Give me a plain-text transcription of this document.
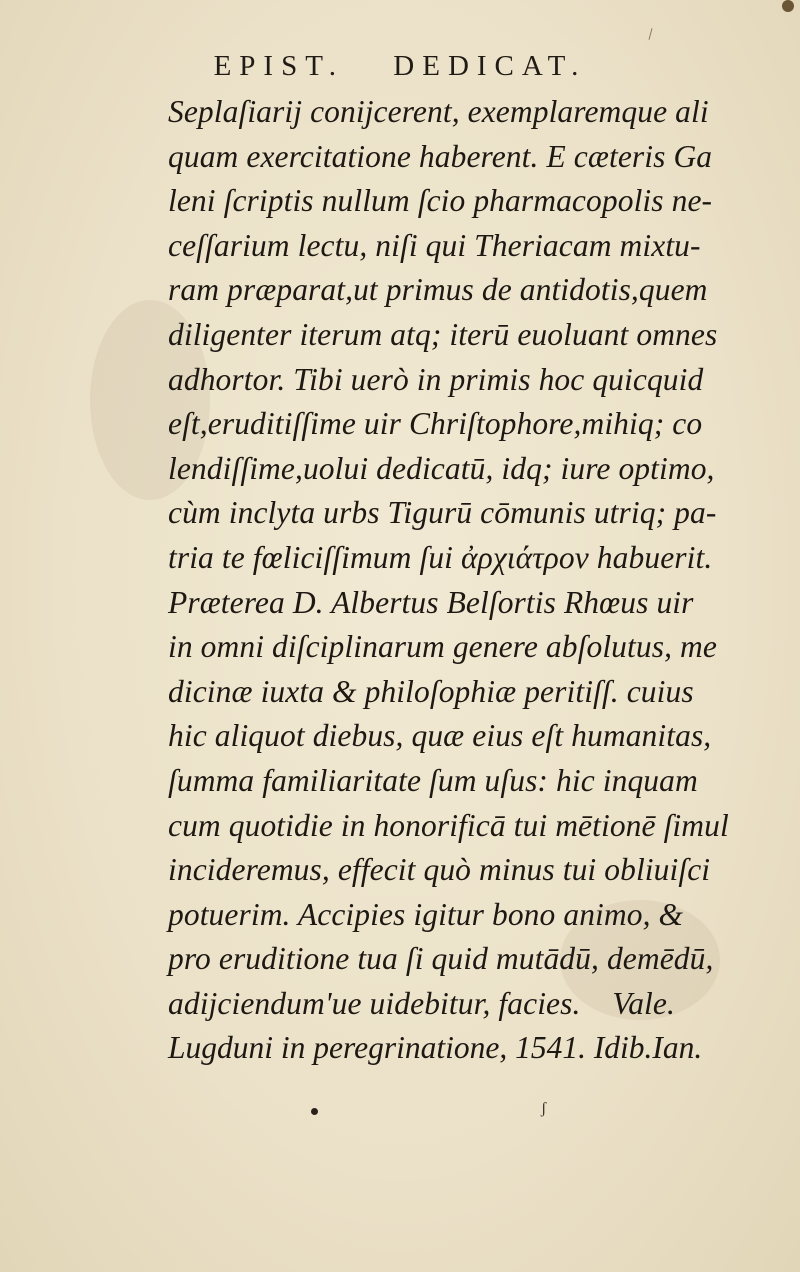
EPIST. DEDICAT.
Seplaſiarij conijcerent, exemplaremque ali
quam exercitatione haberent. E cæteris Ga
leni ſcriptis nullum ſcio pharmacopolis ne-
ceſſarium lectu, niſi qui Theriacam mixtu-
ram præparat,ut primus de antidotis,quem
diligenter iterum atq; iterū euoluant omnes
adhortor. Tibi uerò in primis hoc quicquid
eſt,eruditiſſime uir Chriſtophore,mihiq; co
lendiſſime,uolui dedicatū, idq; iure optimo,
cùm inclyta urbs Tigurū cōmunis utriq; pa-
tria te fœliciſſimum ſui ἀρχιάτρον habuerit.
Præterea D. Albertus Belſortis Rhœus uir
in omni diſciplinarum genere abſolutus, me
dicinæ iuxta & philoſophiæ peritiſſ. cuius
hic aliquot diebus, quæ eius eſt humanitas,
ſumma familiaritate ſum uſus: hic inquam
cum quotidie in honorificā tui mētionē ſimul
incideremus, effecit quò minus tui obliuiſci
potuerim. Accipies igitur bono animo, &
pro eruditione tua ſi quid mutādū, demēdū,
adijciendum'ue uidebitur, facies.    Vale.
Lugduni in peregrinatione, 1541. Idib.Ian.
ʃ
